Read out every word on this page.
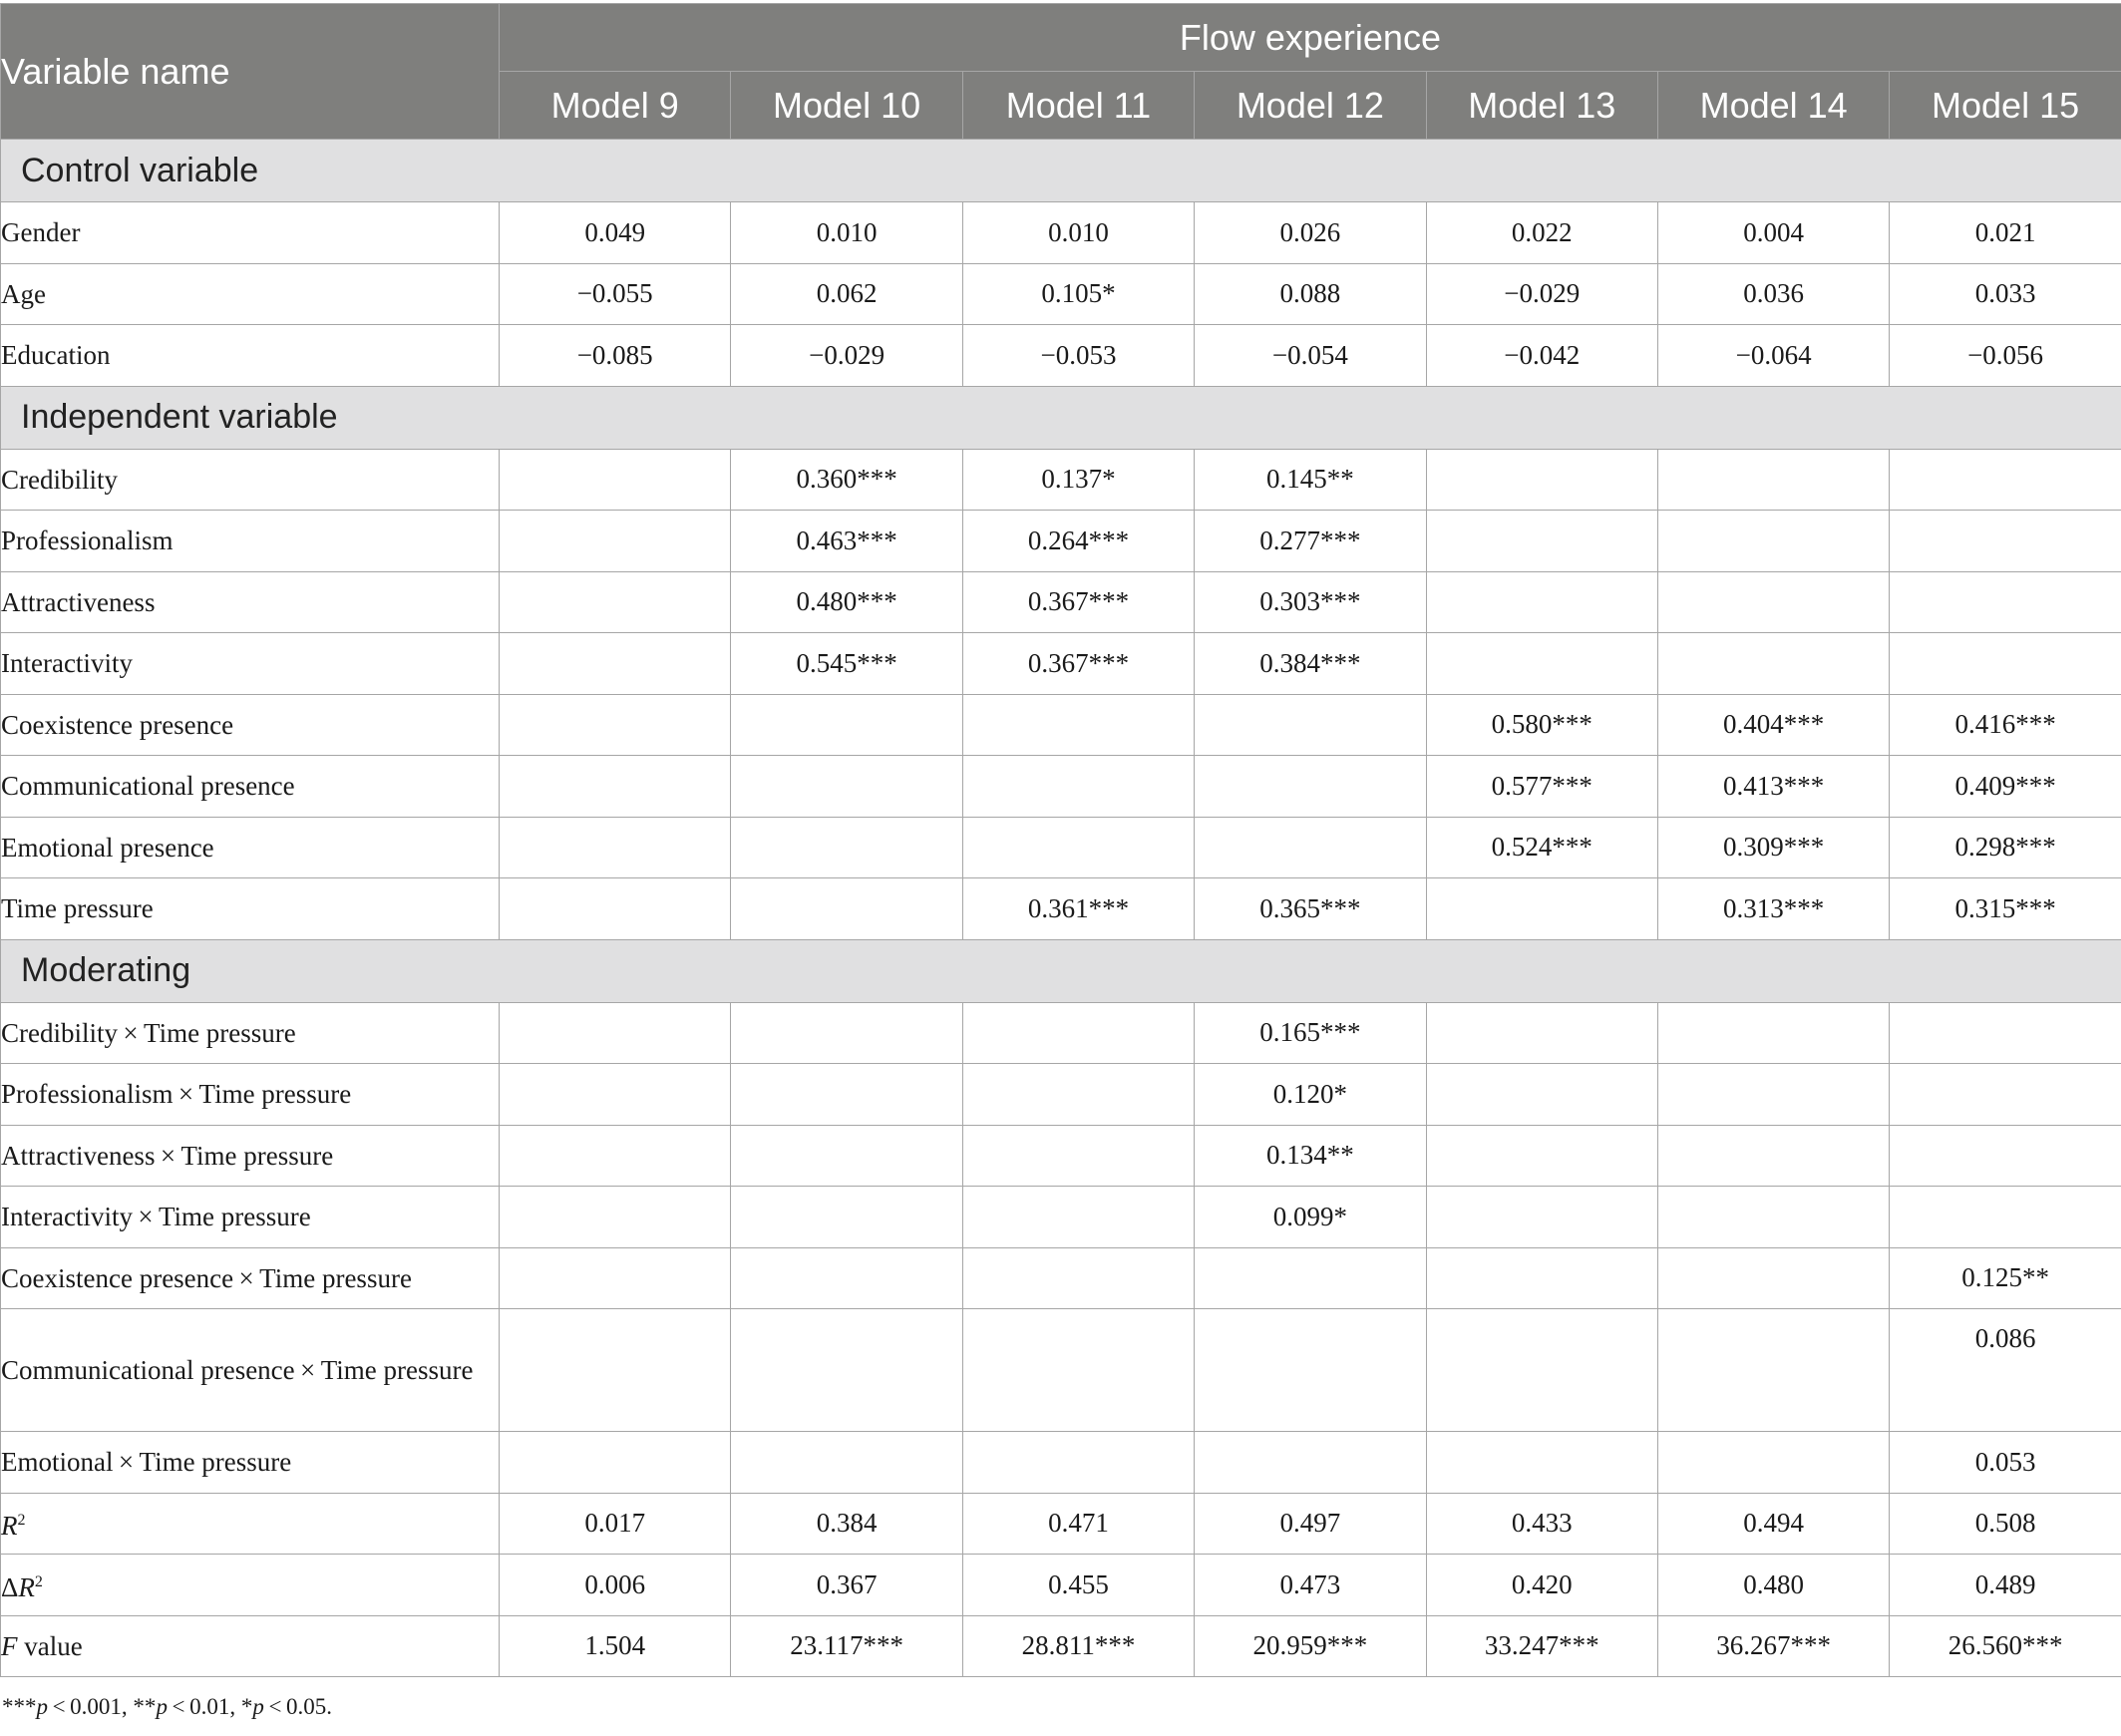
Variable name	Flow experience						
	Model 9	Model 10	Model 11	Model 12	Model 13	Model 14	Model 15
Control variable							
Gender	0.049	0.010	0.010	0.026	0.022	0.004	0.021
Age	−0.055	0.062	0.105*	0.088	−0.029	0.036	0.033
Education	−0.085	−0.029	−0.053	−0.054	−0.042	−0.064	−0.056
Independent variable							
Credibility		0.360***	0.137*	0.145**			
Professionalism		0.463***	0.264***	0.277***			
Attractiveness		0.480***	0.367***	0.303***			
Interactivity		0.545***	0.367***	0.384***			
Coexistence presence					0.580***	0.404***	0.416***
Communicational presence					0.577***	0.413***	0.409***
Emotional presence					0.524***	0.309***	0.298***
Time pressure			0.361***	0.365***		0.313***	0.315***
Moderating							
Credibility × Time pressure				0.165***			
Professionalism × Time pressure				0.120*			
Attractiveness × Time pressure				0.134**			
Interactivity × Time pressure				0.099*			
Coexistence presence × Time pressure							0.125**
Communicational presence × Time pressure							0.086
Emotional × Time pressure							0.053
$R^2$	0.017	0.384	0.471	0.497	0.433	0.494	0.508
$\Delta R^2$	0.006	0.367	0.455	0.473	0.420	0.480	0.489
F value	1.504	23.117***	28.811***	20.959***	33.247***	36.267***	26.560***
***p < 0.001, **p < 0.01, *p < 0.05.
